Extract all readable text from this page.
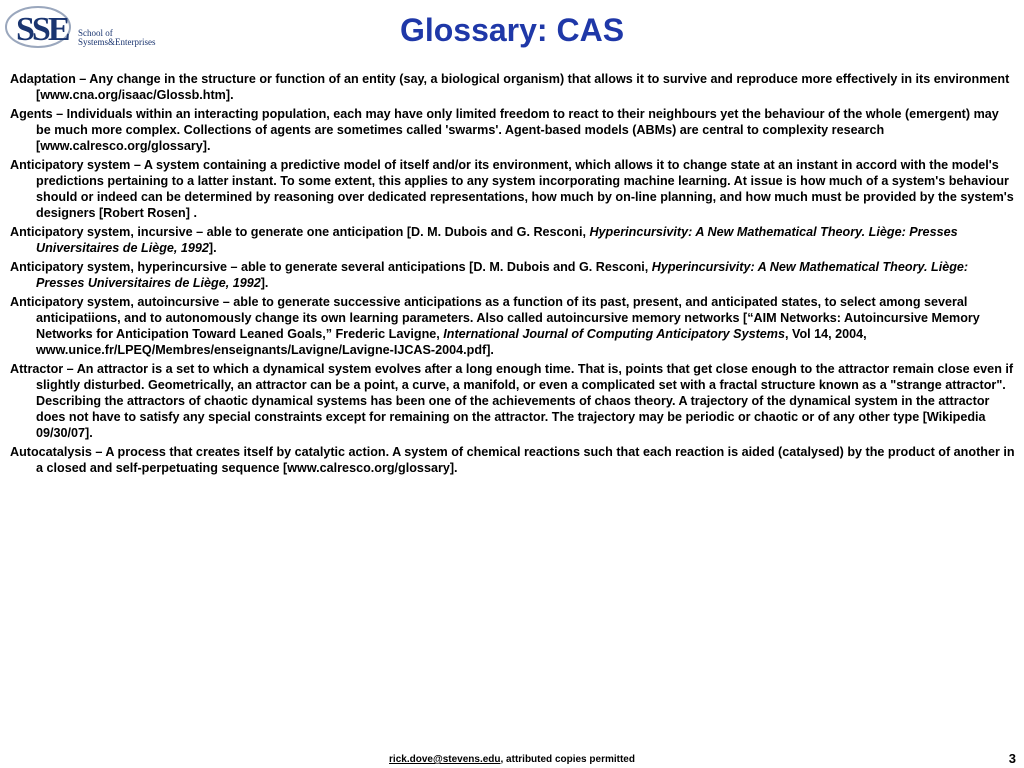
SSE School of
Systems&Enterprises	Glossary: CAS

Adaptation – Any change in the structure or function of an entity (say, a biological organism) that allows it to survive and reproduce more effectively in its environment [www.cna.org/isaac/Glossb.htm].

Agents – Individuals within an interacting population, each may have only limited freedom to react to their neighbours yet the behaviour of the whole (emergent) may be much more complex. Collections of agents are sometimes called 'swarms'. Agent-based models (ABMs) are central to complexity research [www.calresco.org/glossary].

Anticipatory system – A system containing a predictive model of itself and/or its environment, which allows it to change state at an instant in accord with the model's predictions pertaining to a latter instant. To some extent, this applies to any system incorporating machine learning. At issue is how much of a system's behaviour should or indeed can be determined by reasoning over dedicated representations, how much by on-line planning, and how much must be provided by the system's designers [Robert Rosen] .

Anticipatory system, incursive – able to generate one anticipation [D. M. Dubois and G. Resconi, Hyperincursivity: A New Mathematical Theory. Liège: Presses Universitaires de Liège, 1992].

Anticipatory system, hyperincursive – able to generate several anticipations [D. M. Dubois and G. Resconi, Hyperincursivity: A New Mathematical Theory. Liège: Presses Universitaires de Liège, 1992].

Anticipatory system, autoincursive – able to generate successive anticipations as a function of its past, present, and anticipated states, to select among several anticipatiions, and to autonomously change its own learning parameters. Also called autoincursive memory networks [“AIM Networks: Autoincursive Memory Networks for Anticipation Toward Leaned Goals,” Frederic Lavigne, International Journal of Computing Anticipatory Systems, Vol 14, 2004, www.unice.fr/LPEQ/Membres/enseignants/Lavigne/Lavigne-IJCAS-2004.pdf].

Attractor – An attractor is a set to which a dynamical system evolves after a long enough time. That is, points that get close enough to the attractor remain close even if slightly disturbed. Geometrically, an attractor can be a point, a curve, a manifold, or even a complicated set with a fractal structure known as a "strange attractor". Describing the attractors of chaotic dynamical systems has been one of the achievements of chaos theory. A trajectory of the dynamical system in the attractor does not have to satisfy any special constraints except for remaining on the attractor. The trajectory may be periodic or chaotic or of any other type [Wikipedia 09/30/07].

Autocatalysis – A process that creates itself by catalytic action. A system of chemical reactions such that each reaction is aided (catalysed) by the product of another in a closed and self-perpetuating sequence [www.calresco.org/glossary].

rick.dove@stevens.edu, attributed copies permitted	3
